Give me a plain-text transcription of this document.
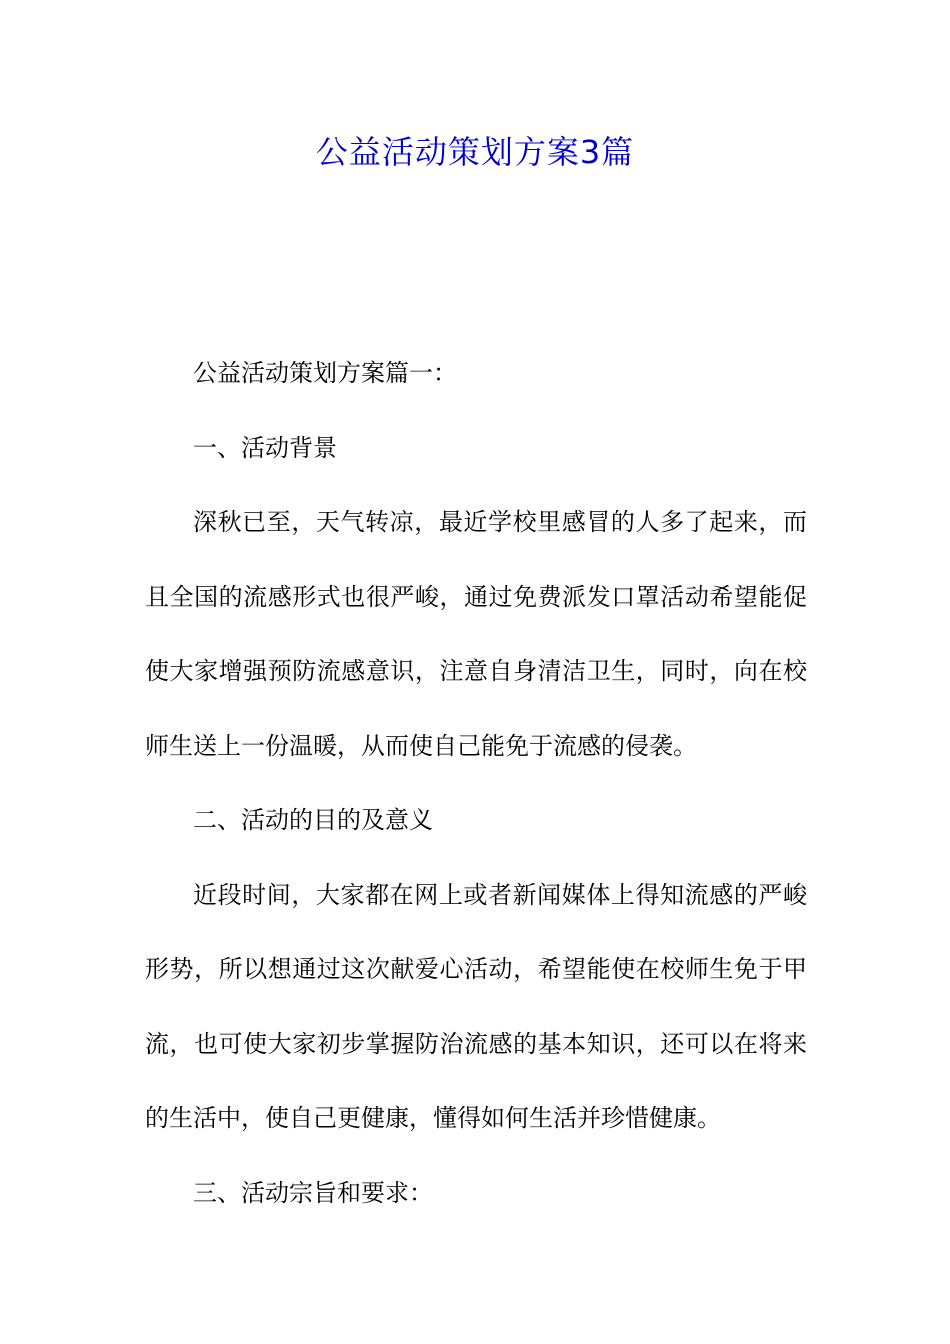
公益活动策划方案3篇

公益活动策划方案篇一：

一、活动背景

深秋已至，天气转凉，最近学校里感冒的人多了起来，而且全国的流感形式也很严峻，通过免费派发口罩活动希望能促使大家增强预防流感意识，注意自身清洁卫生，同时，向在校师生送上一份温暖，从而使自己能免于流感的侵袭。

二、活动的目的及意义

近段时间，大家都在网上或者新闻媒体上得知流感的严峻形势，所以想通过这次献爱心活动，希望能使在校师生免于甲流，也可使大家初步掌握防治流感的基本知识，还可以在将来的生活中，使自己更健康，懂得如何生活并珍惜健康。

三、活动宗旨和要求：
